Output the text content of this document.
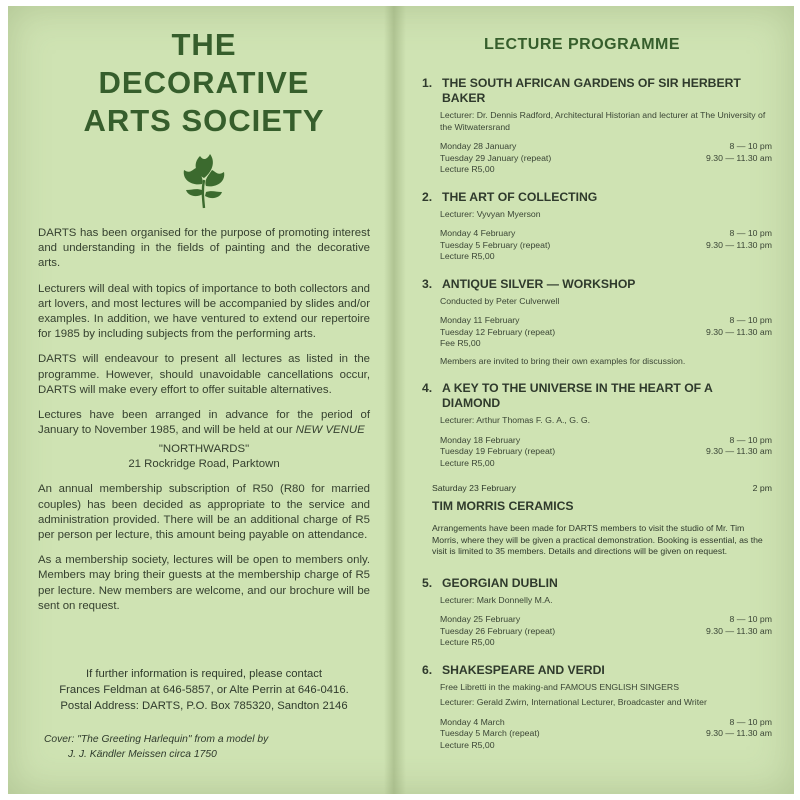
THE
DECORATIVE
ARTS SOCIETY

DARTS has been organised for the purpose of promoting interest and understanding in the fields of painting and the decorative arts.

Lecturers will deal with topics of importance to both collectors and art lovers, and most lectures will be accompanied by slides and/or examples. In addition, we have ventured to extend our repertoire for 1985 by including subjects from the performing arts.

DARTS will endeavour to present all lectures as listed in the programme. However, should unavoidable cancellations occur, DARTS will make every effort to offer suitable alternatives.

Lectures have been arranged in advance for the period of January to November 1985, and will be held at our NEW VENUE

"NORTHWARDS"
21 Rockridge Road, Parktown

An annual membership subscription of R50 (R80 for married couples) has been decided as appropriate to the service and administration provided. There will be an additional charge of R5 per person per lecture, this amount being payable on attendance.

As a membership society, lectures will be open to members only. Members may bring their guests at the membership charge of R5 per lecture. New members are welcome, and our brochure will be sent on request.

If further information is required, please contact
Frances Feldman at 646-5857, or Alte Perrin at 646-0416.
Postal Address: DARTS, P.O. Box 785320, Sandton 2146
Cover: "The Greeting Harlequin" from a model by
J. J. Kändler Meissen circa 1750
LECTURE PROGRAMME
1. THE SOUTH AFRICAN GARDENS OF SIR HERBERT BAKER
Lecturer: Dr. Dennis Radford, Architectural Historian and lecturer at The University of the Witwatersrand
Monday 28 January	8 — 10 pm
Tuesday 29 January (repeat)	9.30 — 11.30 am
Lecture R5,00
2. THE ART OF COLLECTING
Lecturer: Vyvyan Myerson
Monday 4 February	8 — 10 pm
Tuesday 5 February (repeat)	9.30 — 11.30 pm
Lecture R5,00
3. ANTIQUE SILVER — WORKSHOP
Conducted by Peter Culverwell
Monday 11 February	8 — 10 pm
Tuesday 12 February (repeat)	9.30 — 11.30 am
Fee R5,00
Members are invited to bring their own examples for discussion.
4. A KEY TO THE UNIVERSE IN THE HEART OF A DIAMOND
Lecturer: Arthur Thomas F. G. A., G. G.
Monday 18 February	8 — 10 pm
Tuesday 19 February (repeat)	9.30 — 11.30 am
Lecture R5,00
Saturday 23 February	2 pm
TIM MORRIS CERAMICS
Arrangements have been made for DARTS members to visit the studio of Mr. Tim Morris, where they will be given a practical demonstration. Booking is essential, as the visit is limited to 35 members. Details and directions will be given on request.
5. GEORGIAN DUBLIN
Lecturer: Mark Donnelly M.A.
Monday 25 February	8 — 10 pm
Tuesday 26 February (repeat)	9.30 — 11.30 am
Lecture R5,00
6. SHAKESPEARE AND VERDI
Free Libretti in the making-and FAMOUS ENGLISH SINGERS
Lecturer: Gerald Zwirn, International Lecturer, Broadcaster and Writer
Monday 4 March	8 — 10 pm
Tuesday 5 March (repeat)	9.30 — 11.30 am
Lecture R5,00
